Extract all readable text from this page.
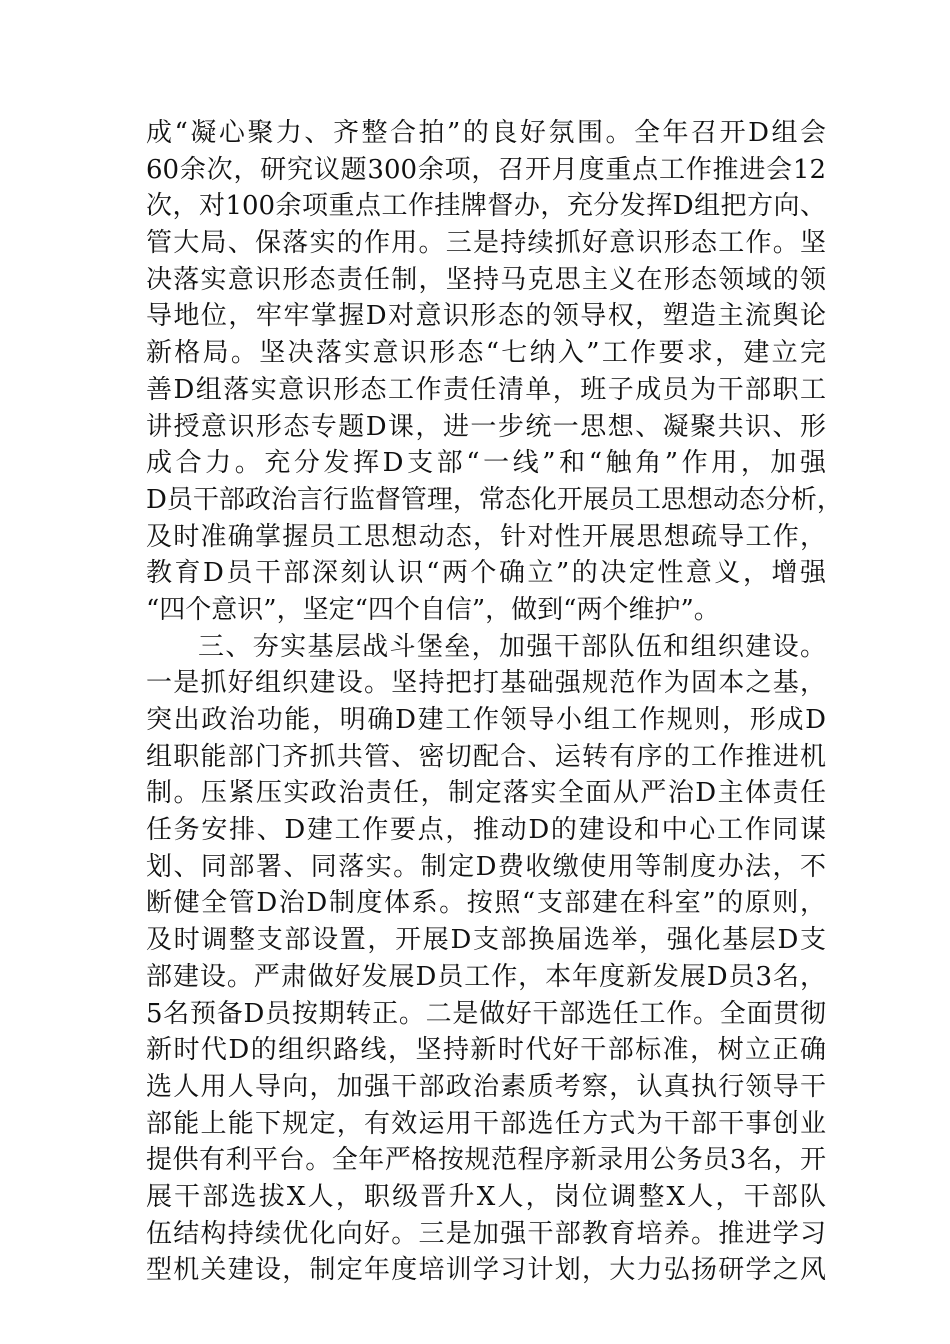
成“凝心聚力、齐整合拍”的良好氛围。全年召开D组会
60余次，研究议题300余项，召开月度重点工作推进会12
次，对100余项重点工作挂牌督办，充分发挥D组把方向、
管大局、保落实的作用。三是持续抓好意识形态工作。坚
决落实意识形态责任制，坚持马克思主义在形态领域的领
导地位，牢牢掌握D对意识形态的领导权，塑造主流舆论
新格局。坚决落实意识形态“七纳入”工作要求，建立完
善D组落实意识形态工作责任清单，班子成员为干部职工
讲授意识形态专题D课，进一步统一思想、凝聚共识、形
成合力。充分发挥D支部“一线”和“触角”作用，加强
D员干部政治言行监督管理，常态化开展员工思想动态分析，
及时准确掌握员工思想动态，针对性开展思想疏导工作，
教育D员干部深刻认识“两个确立”的决定性意义，增强
“四个意识”，坚定“四个自信”，做到“两个维护”。
三、夯实基层战斗堡垒，加强干部队伍和组织建设。
一是抓好组织建设。坚持把打基础强规范作为固本之基，
突出政治功能，明确D建工作领导小组工作规则，形成D
组职能部门齐抓共管、密切配合、运转有序的工作推进机
制。压紧压实政治责任，制定落实全面从严治D主体责任
任务安排、D建工作要点，推动D的建设和中心工作同谋
划、同部署、同落实。制定D费收缴使用等制度办法，不
断健全管D治D制度体系。按照“支部建在科室”的原则，
及时调整支部设置，开展D支部换届选举，强化基层D支
部建设。严肃做好发展D员工作，本年度新发展D员3名，
5名预备D员按期转正。二是做好干部选任工作。全面贯彻
新时代D的组织路线，坚持新时代好干部标准，树立正确
选人用人导向，加强干部政治素质考察，认真执行领导干
部能上能下规定，有效运用干部选任方式为干部干事创业
提供有利平台。全年严格按规范程序新录用公务员3名，开
展干部选拔X人，职级晋升X人，岗位调整X人，干部队
伍结构持续优化向好。三是加强干部教育培养。推进学习
型机关建设，制定年度培训学习计划，大力弘扬研学之风
